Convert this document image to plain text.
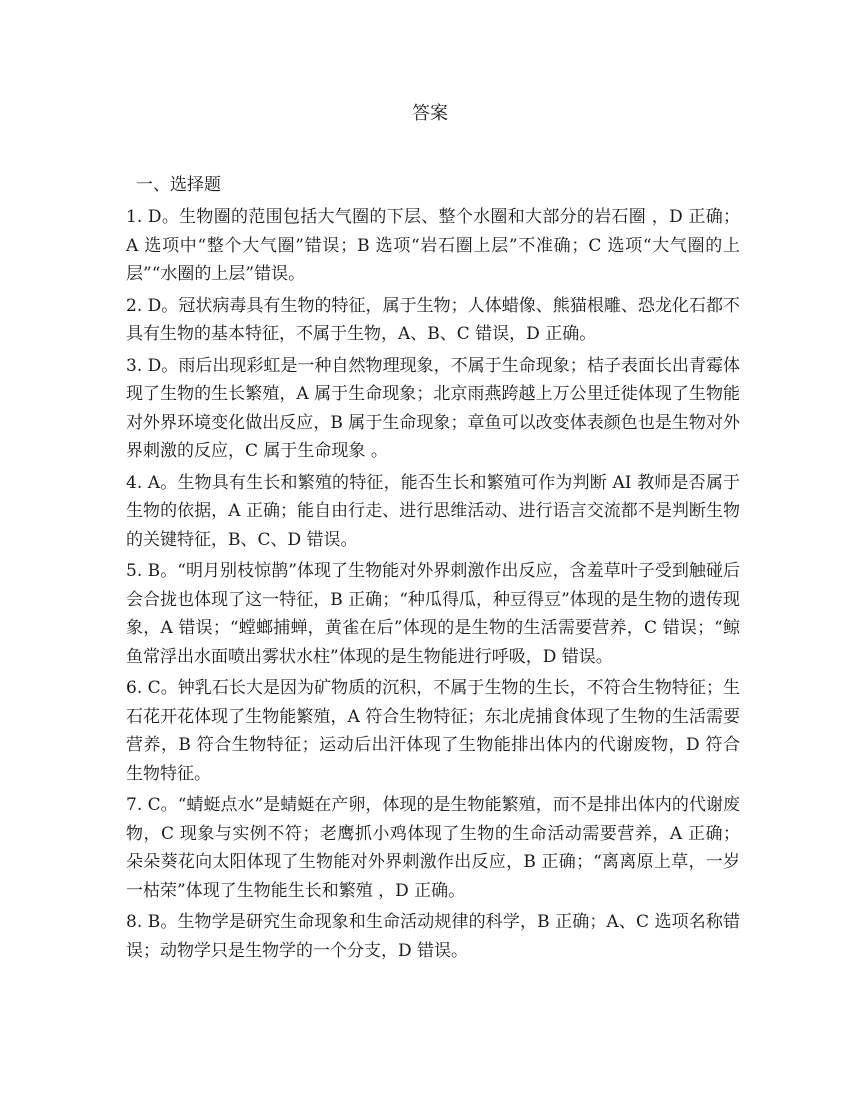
答案
一、选择题

1. D。生物圈的范围包括大气圈的下层、整个水圈和大部分的岩石圈 ，D 正确；A 选项中“整个大气圈”错误；B 选项“岩石圈上层”不准确；C 选项“大气圈的上层”“水圈的上层”错误。

2. D。冠状病毒具有生物的特征，属于生物；人体蜡像、熊猫根雕、恐龙化石都不具有生物的基本特征，不属于生物，A、B、C 错误，D 正确。

3. D。雨后出现彩虹是一种自然物理现象，不属于生命现象；桔子表面长出青霉体现了生物的生长繁殖，A 属于生命现象；北京雨燕跨越上万公里迁徙体现了生物能对外界环境变化做出反应，B 属于生命现象；章鱼可以改变体表颜色也是生物对外界刺激的反应，C 属于生命现象 。

4. A。生物具有生长和繁殖的特征，能否生长和繁殖可作为判断 AI 教师是否属于生物的依据，A 正确；能自由行走、进行思维活动、进行语言交流都不是判断生物的关键特征，B、C、D 错误。

5. B。“明月别枝惊鹊”体现了生物能对外界刺激作出反应，含羞草叶子受到触碰后会合拢也体现了这一特征，B 正确；“种瓜得瓜，种豆得豆”体现的是生物的遗传现象，A 错误；“螳螂捕蝉，黄雀在后”体现的是生物的生活需要营养，C 错误；“鲸鱼常浮出水面喷出雾状水柱”体现的是生物能进行呼吸，D 错误。

6. C。钟乳石长大是因为矿物质的沉积，不属于生物的生长，不符合生物特征；生石花开花体现了生物能繁殖，A 符合生物特征；东北虎捕食体现了生物的生活需要营养，B 符合生物特征；运动后出汗体现了生物能排出体内的代谢废物，D 符合生物特征。

7. C。“蜻蜓点水”是蜻蜓在产卵，体现的是生物能繁殖，而不是排出体内的代谢废物，C 现象与实例不符；老鹰抓小鸡体现了生物的生命活动需要营养，A 正确；朵朵葵花向太阳体现了生物能对外界刺激作出反应，B 正确；“离离原上草，一岁一枯荣”体现了生物能生长和繁殖 ，D 正确。

8. B。生物学是研究生命现象和生命活动规律的科学，B 正确；A、C 选项名称错误；动物学只是生物学的一个分支，D 错误。
